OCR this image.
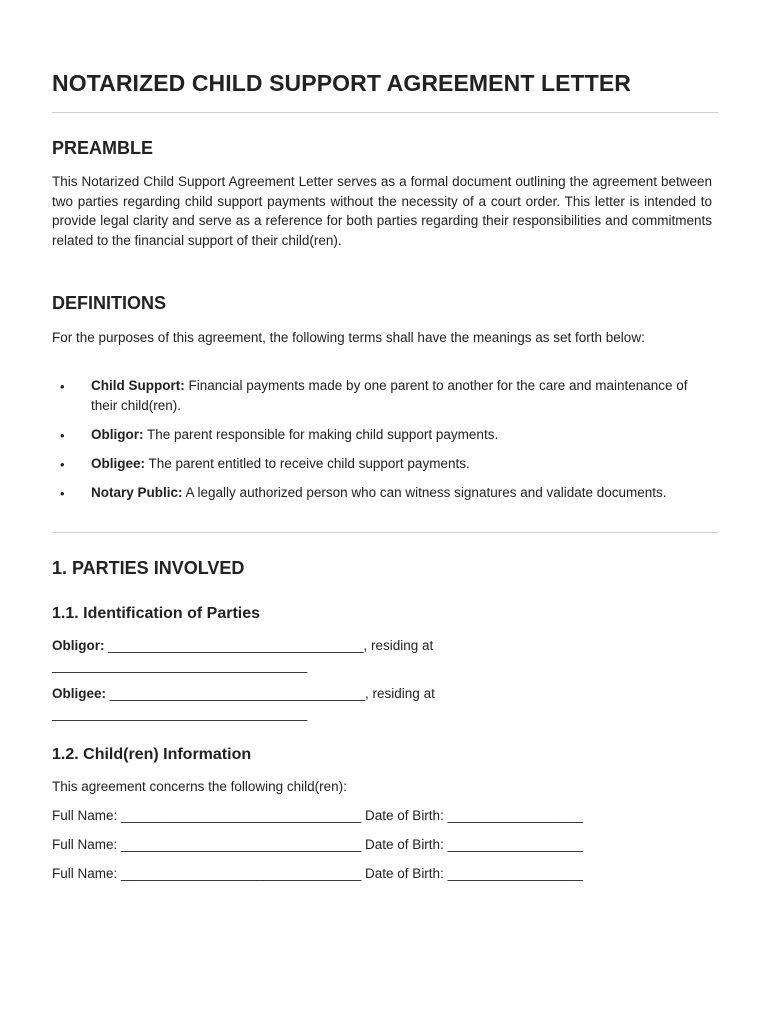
NOTARIZED CHILD SUPPORT AGREEMENT LETTER
PREAMBLE

This Notarized Child Support Agreement Letter serves as a formal document outlining the agreement between two parties regarding child support payments without the necessity of a court order. This letter is intended to provide legal clarity and serve as a reference for both parties regarding their responsibilities and commitments related to the financial support of their child(ren).

DEFINITIONS

For the purposes of this agreement, the following terms shall have the meanings as set forth below:

• Child Support: Financial payments made by one parent to another for the care and maintenance of their child(ren).
• Obligor: The parent responsible for making child support payments.
• Obligee: The parent entitled to receive child support payments.
• Notary Public: A legally authorized person who can witness signatures and validate documents.
1. PARTIES INVOLVED
1.1. Identification of Parties

Obligor: __________________________________, residing at

__________________________________

Obligee: __________________________________, residing at

__________________________________

1.2. Child(ren) Information

This agreement concerns the following child(ren):

Full Name: ________________________________ Date of Birth: __________________

Full Name: ________________________________ Date of Birth: __________________

Full Name: ________________________________ Date of Birth: __________________
